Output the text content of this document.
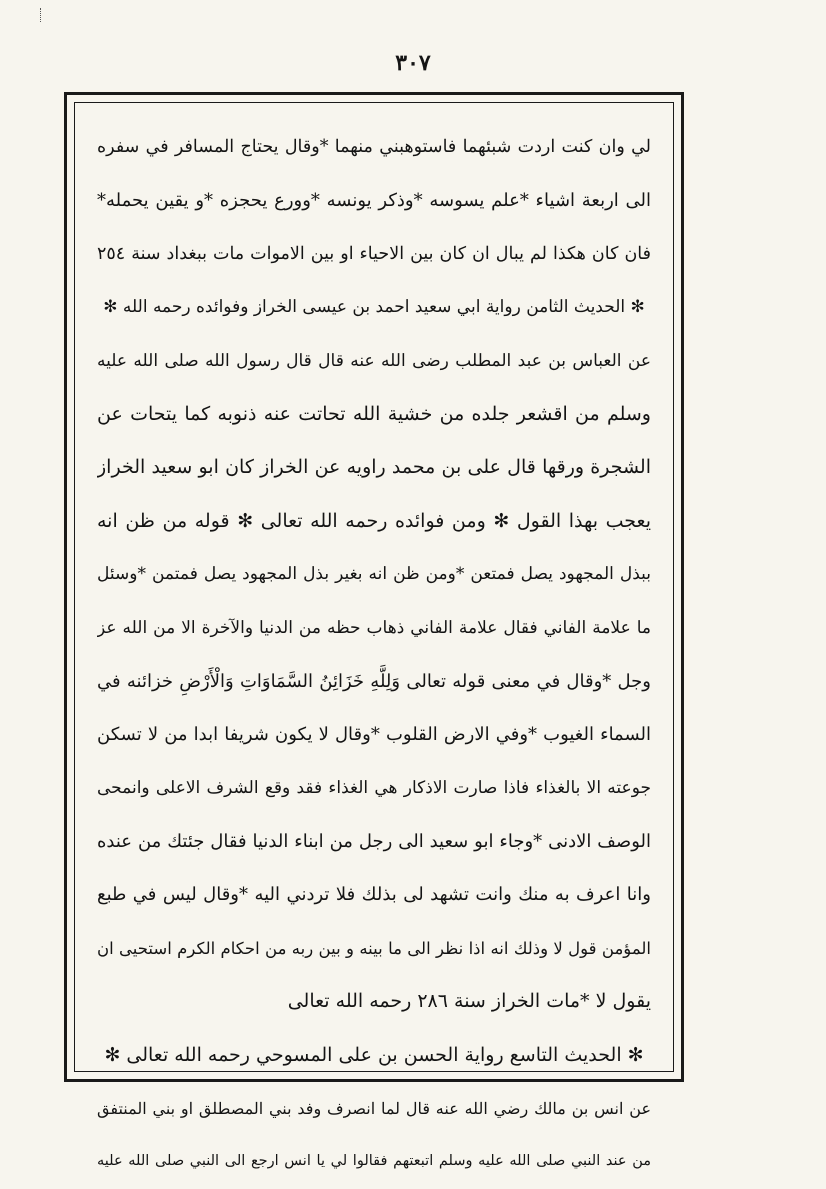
٣٠٧
لي وان كنت اردت شبئهما فاستوهبني منهما *وقال يحتاج المسافر في سفره
الى اربعة اشياء *علم يسوسه *وذكر يونسه *وورع يحجزه *و يقين يحمله*
فان كان هكذا لم يبال ان كان بين الاحياء او بين الاموات مات ببغداد سنة ٢٥٤
✻ الحديث الثامن رواية ابي سعيد احمد بن عيسى الخراز وفوائده رحمه الله ✻
عن العباس بن عبد المطلب رضى الله عنه قال قال رسول الله صلى الله عليه
وسلم من اقشعر جلده من خشية الله تحاتت عنه ذنوبه كما يتحات عن
الشجرة ورقها قال على بن محمد راويه عن الخراز كان ابو سعيد الخراز
يعجب بهذا القول ✻ ومن فوائده رحمه الله تعالى ✻ قوله من ظن انه
ببذل المجهود يصل فمتعن *ومن ظن انه بغير بذل المجهود يصل فمتمن *وسئل
ما علامة الفاني فقال علامة الفاني ذهاب حظه من الدنيا والآخرة الا من الله عز
وجل *وقال في معنى قوله تعالى وَلِلَّهِ خَزَائِنُ السَّمَاوَاتِ وَالْأَرْضِ خزائنه في
السماء الغيوب *وفي الارض القلوب *وقال لا يكون شريفا ابدا من لا تسكن
جوعته الا بالغذاء فاذا صارت الاذكار هي الغذاء فقد وقع الشرف الاعلى وانمحى
الوصف الادنى *وجاء ابو سعيد الى رجل من ابناء الدنيا فقال جئتك من عنده
وانا اعرف به منك وانت تشهد لى بذلك فلا تردني اليه *وقال ليس في طبع
المؤمن قول لا وذلك انه اذا نظر الى ما بينه و بين ربه من احكام الكرم استحيى ان
يقول لا *مات الخراز سنة ٢٨٦ رحمه الله تعالى
✻ الحديث التاسع رواية الحسن بن على المسوحي رحمه الله تعالى ✻
عن انس بن مالك رضي الله عنه قال لما انصرف وفد بني المصطلق او بني المنتفق
من عند النبي صلى الله عليه وسلم اتبعتهم فقالوا لي يا انس ارجع الى النبي صلى الله عليه
